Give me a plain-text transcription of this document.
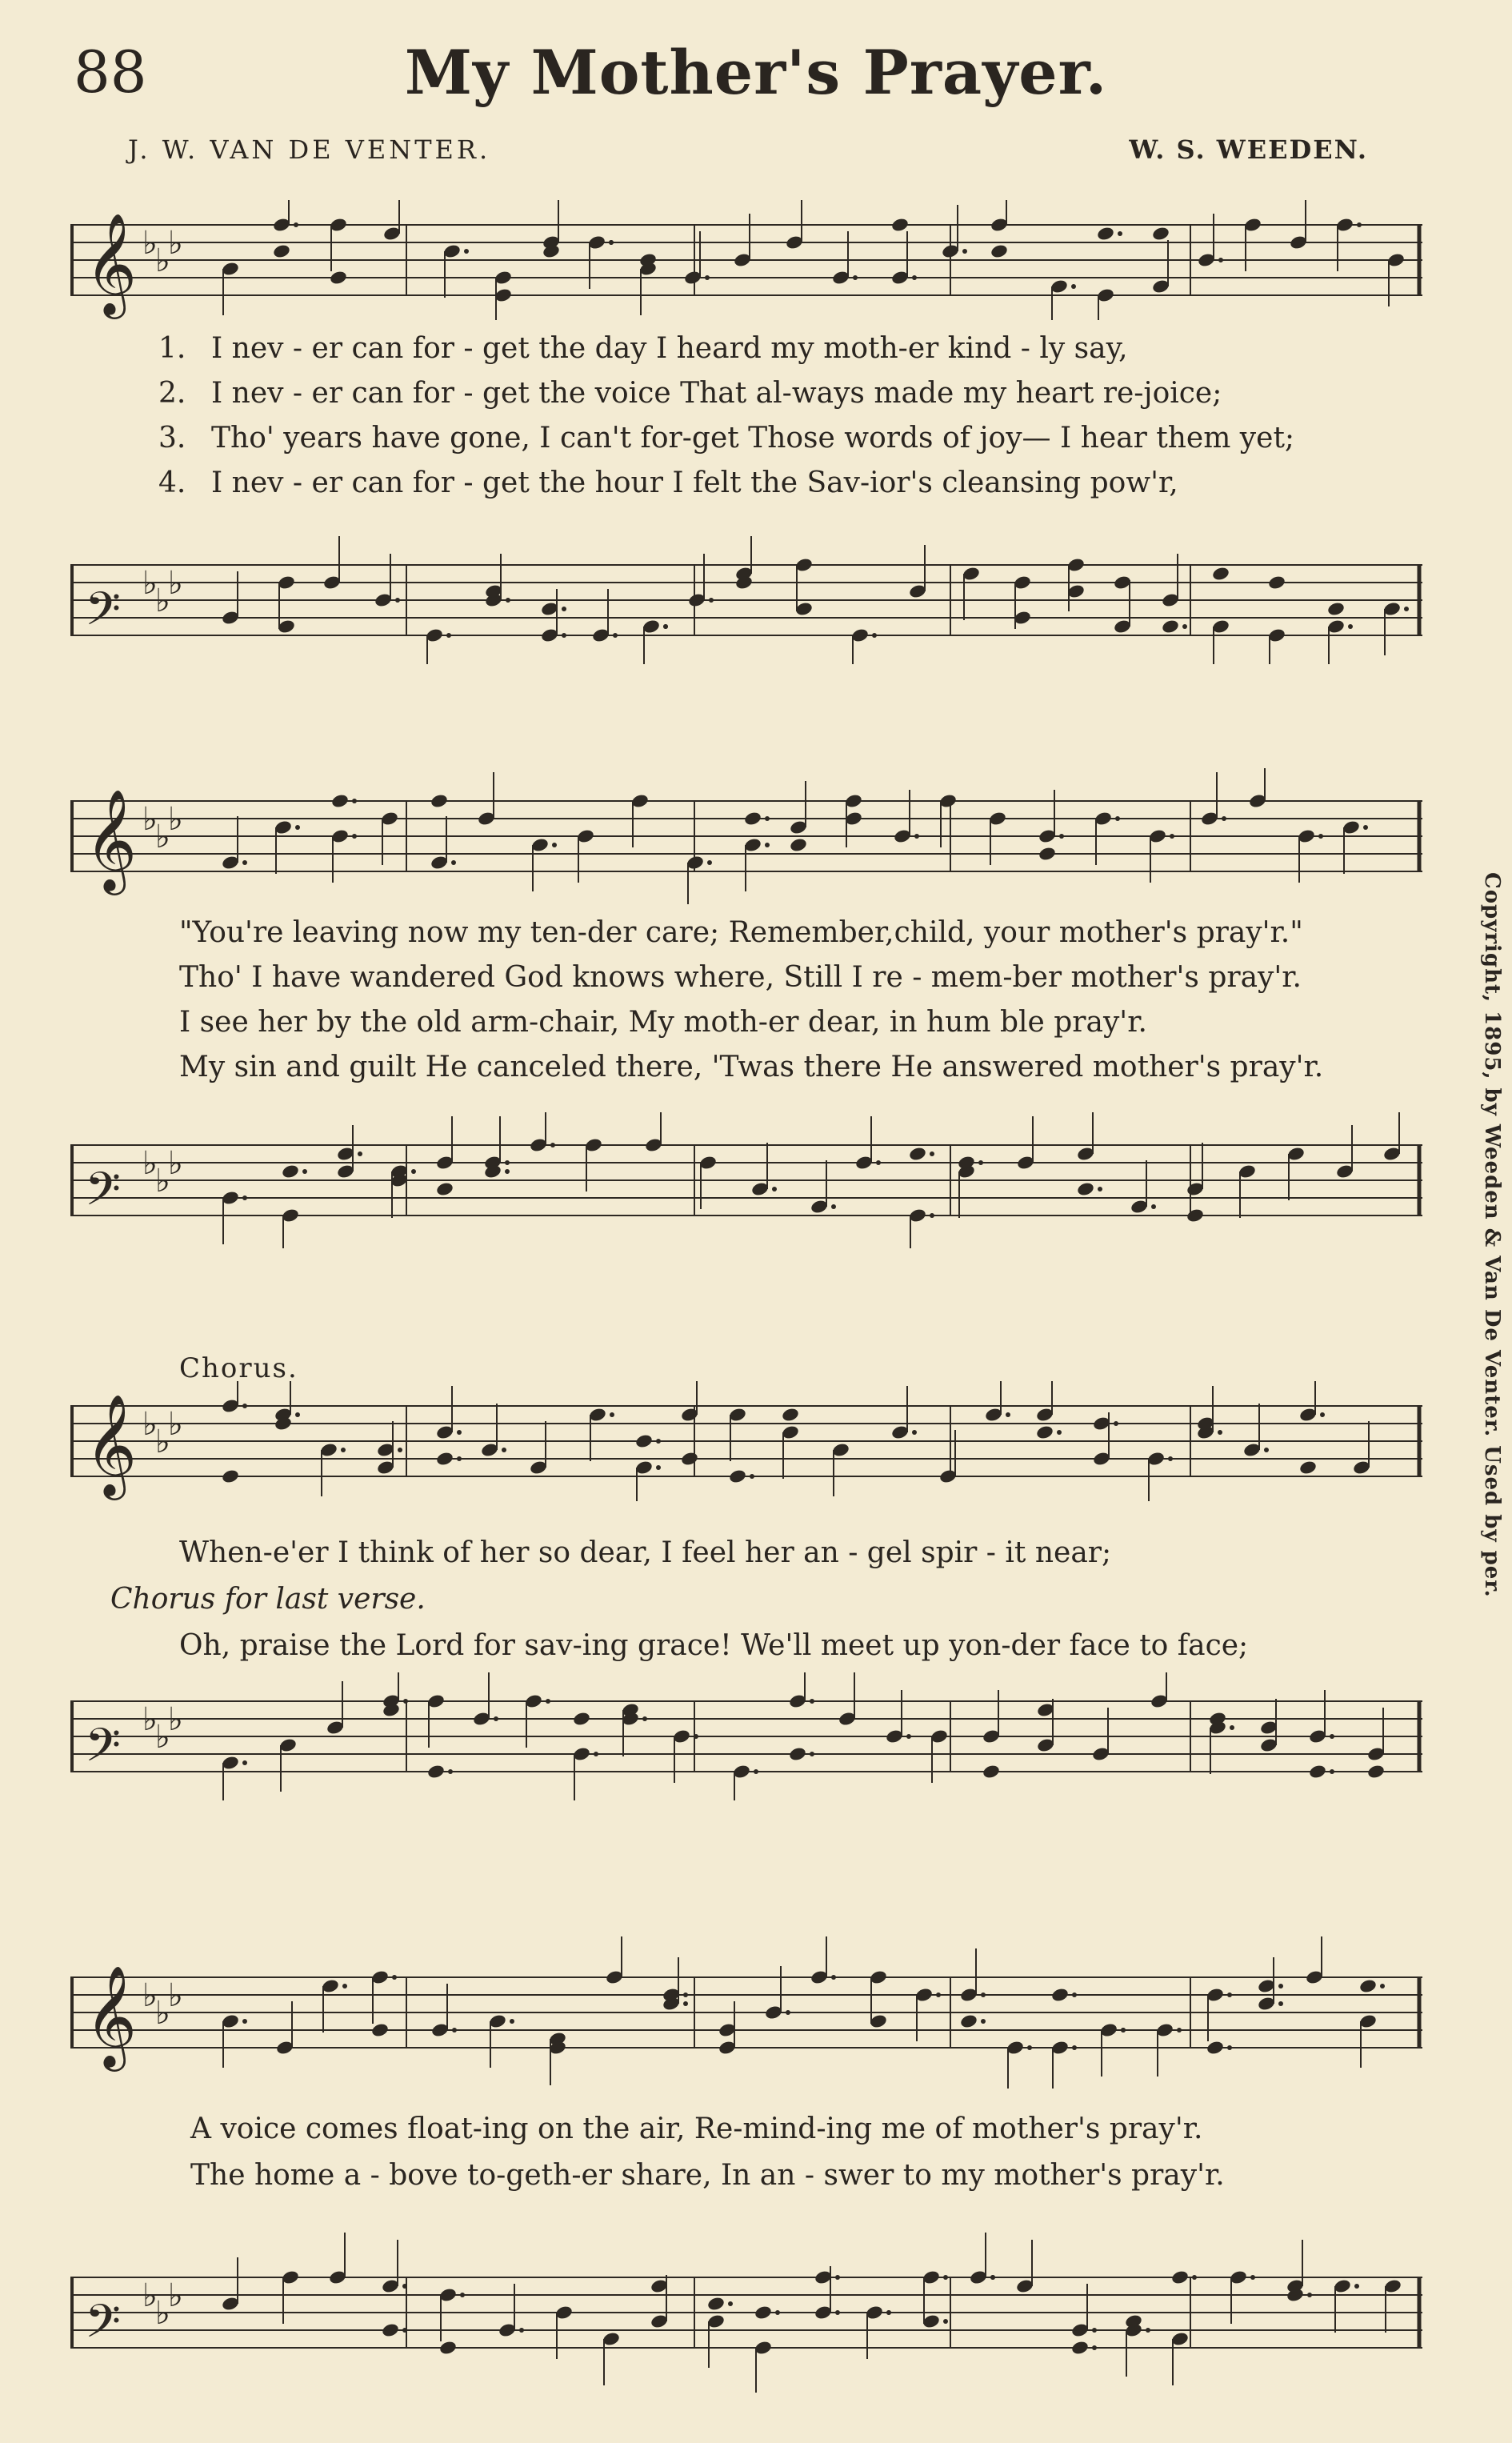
88	My Mother's Prayer.
J. W. VAN DE VENTER.	W. S. WEEDEN.
𝄞 ♭
♭
♭
1. I nev - er can for - get the day I heard my moth-er kind - ly say,
2. I nev - er can for - get the voice That al-ways made my heart re-joice;
3. Tho' years have gone, I can't for-get Those words of joy— I hear them yet;
4. I nev - er can for - get the hour I felt the Sav-ior's cleansing pow'r,
𝄢 ♭
♭
♭
𝄞 ♭
♭
♭
"You're leaving now my ten-der care; Remember,child, your mother's pray'r."
Tho' I have wandered God knows where, Still I re - mem-ber mother's pray'r.
I see her by the old arm-chair, My moth-er dear, in hum ble pray'r.
My sin and guilt He canceled there, 'Twas there He answered mother's pray'r.
𝄢 ♭
♭
♭
Chorus.
𝄞 ♭
♭
♭
When-e'er I think of her so dear, I feel her an - gel spir - it near;
Chorus for last verse.
Oh, praise the Lord for sav-ing grace! We'll meet up yon-der face to face;
𝄢 ♭
♭
♭
𝄞 ♭
♭
♭
A voice comes float-ing on the air, Re-mind-ing me of mother's pray'r.
The home a - bove to-geth-er share, In an - swer to my mother's pray'r.
𝄢 ♭
♭
♭
Copyright, 1895, by Weeden & Van De Venter. Used by per.
